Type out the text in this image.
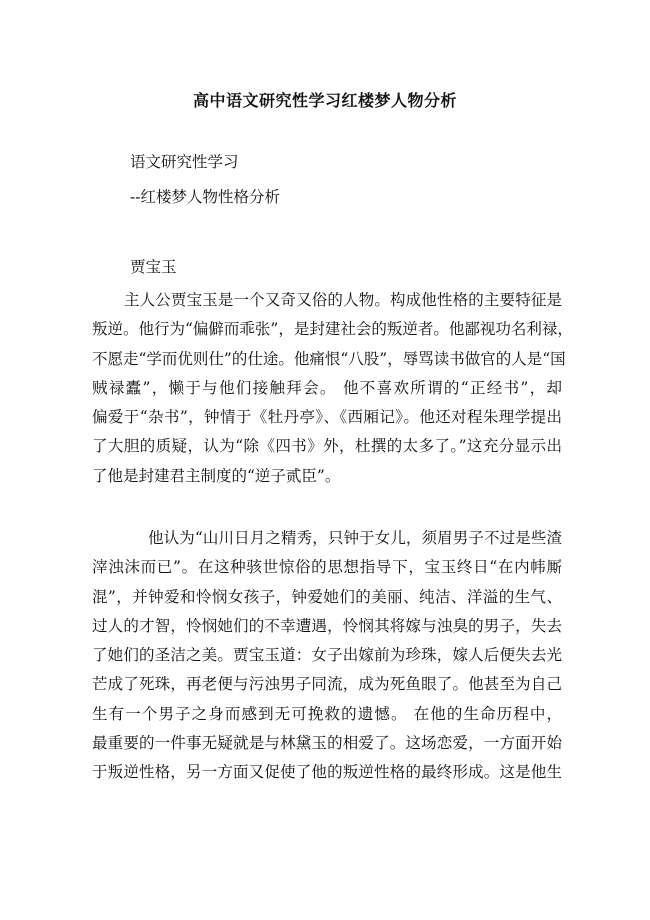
高中语文研究性学习红楼梦人物分析
语文研究性学习
--红楼梦人物性格分析
贾宝玉
主人公贾宝玉是一个又奇又俗的人物。构成他性格的主要特征是
叛逆。他行为“偏僻而乖张”，是封建社会的叛逆者。他鄙视功名利禄，
不愿走“学而优则仕”的仕途。他痛恨“八股”，辱骂读书做官的人是“国
贼禄蠹”，懒于与他们接触拜会。 他不喜欢所谓的“正经书”，却
偏爱于“杂书”，钟情于《牡丹亭》、《西厢记》。他还对程朱理学提出
了大胆的质疑，认为“除《四书》外，杜撰的太多了。”这充分显示出
了他是封建君主制度的“逆子贰臣”。
他认为“山川日月之精秀，只钟于女儿，须眉男子不过是些渣
滓浊沫而已”。在这种骇世惊俗的思想指导下，宝玉终日“在内帏厮
混”，并钟爱和怜悯女孩子，钟爱她们的美丽、纯洁、洋溢的生气、
过人的才智，怜悯她们的不幸遭遇，怜悯其将嫁与浊臭的男子，失去
了她们的圣洁之美。贾宝玉道：女子出嫁前为珍珠，嫁人后便失去光
芒成了死珠，再老便与污浊男子同流，成为死鱼眼了。他甚至为自己
生有一个男子之身而感到无可挽救的遗憾。 在他的生命历程中，
最重要的一件事无疑就是与林黛玉的相爱了。这场恋爱，一方面开始
于叛逆性格，另一方面又促使了他的叛逆性格的最终形成。这是他生
